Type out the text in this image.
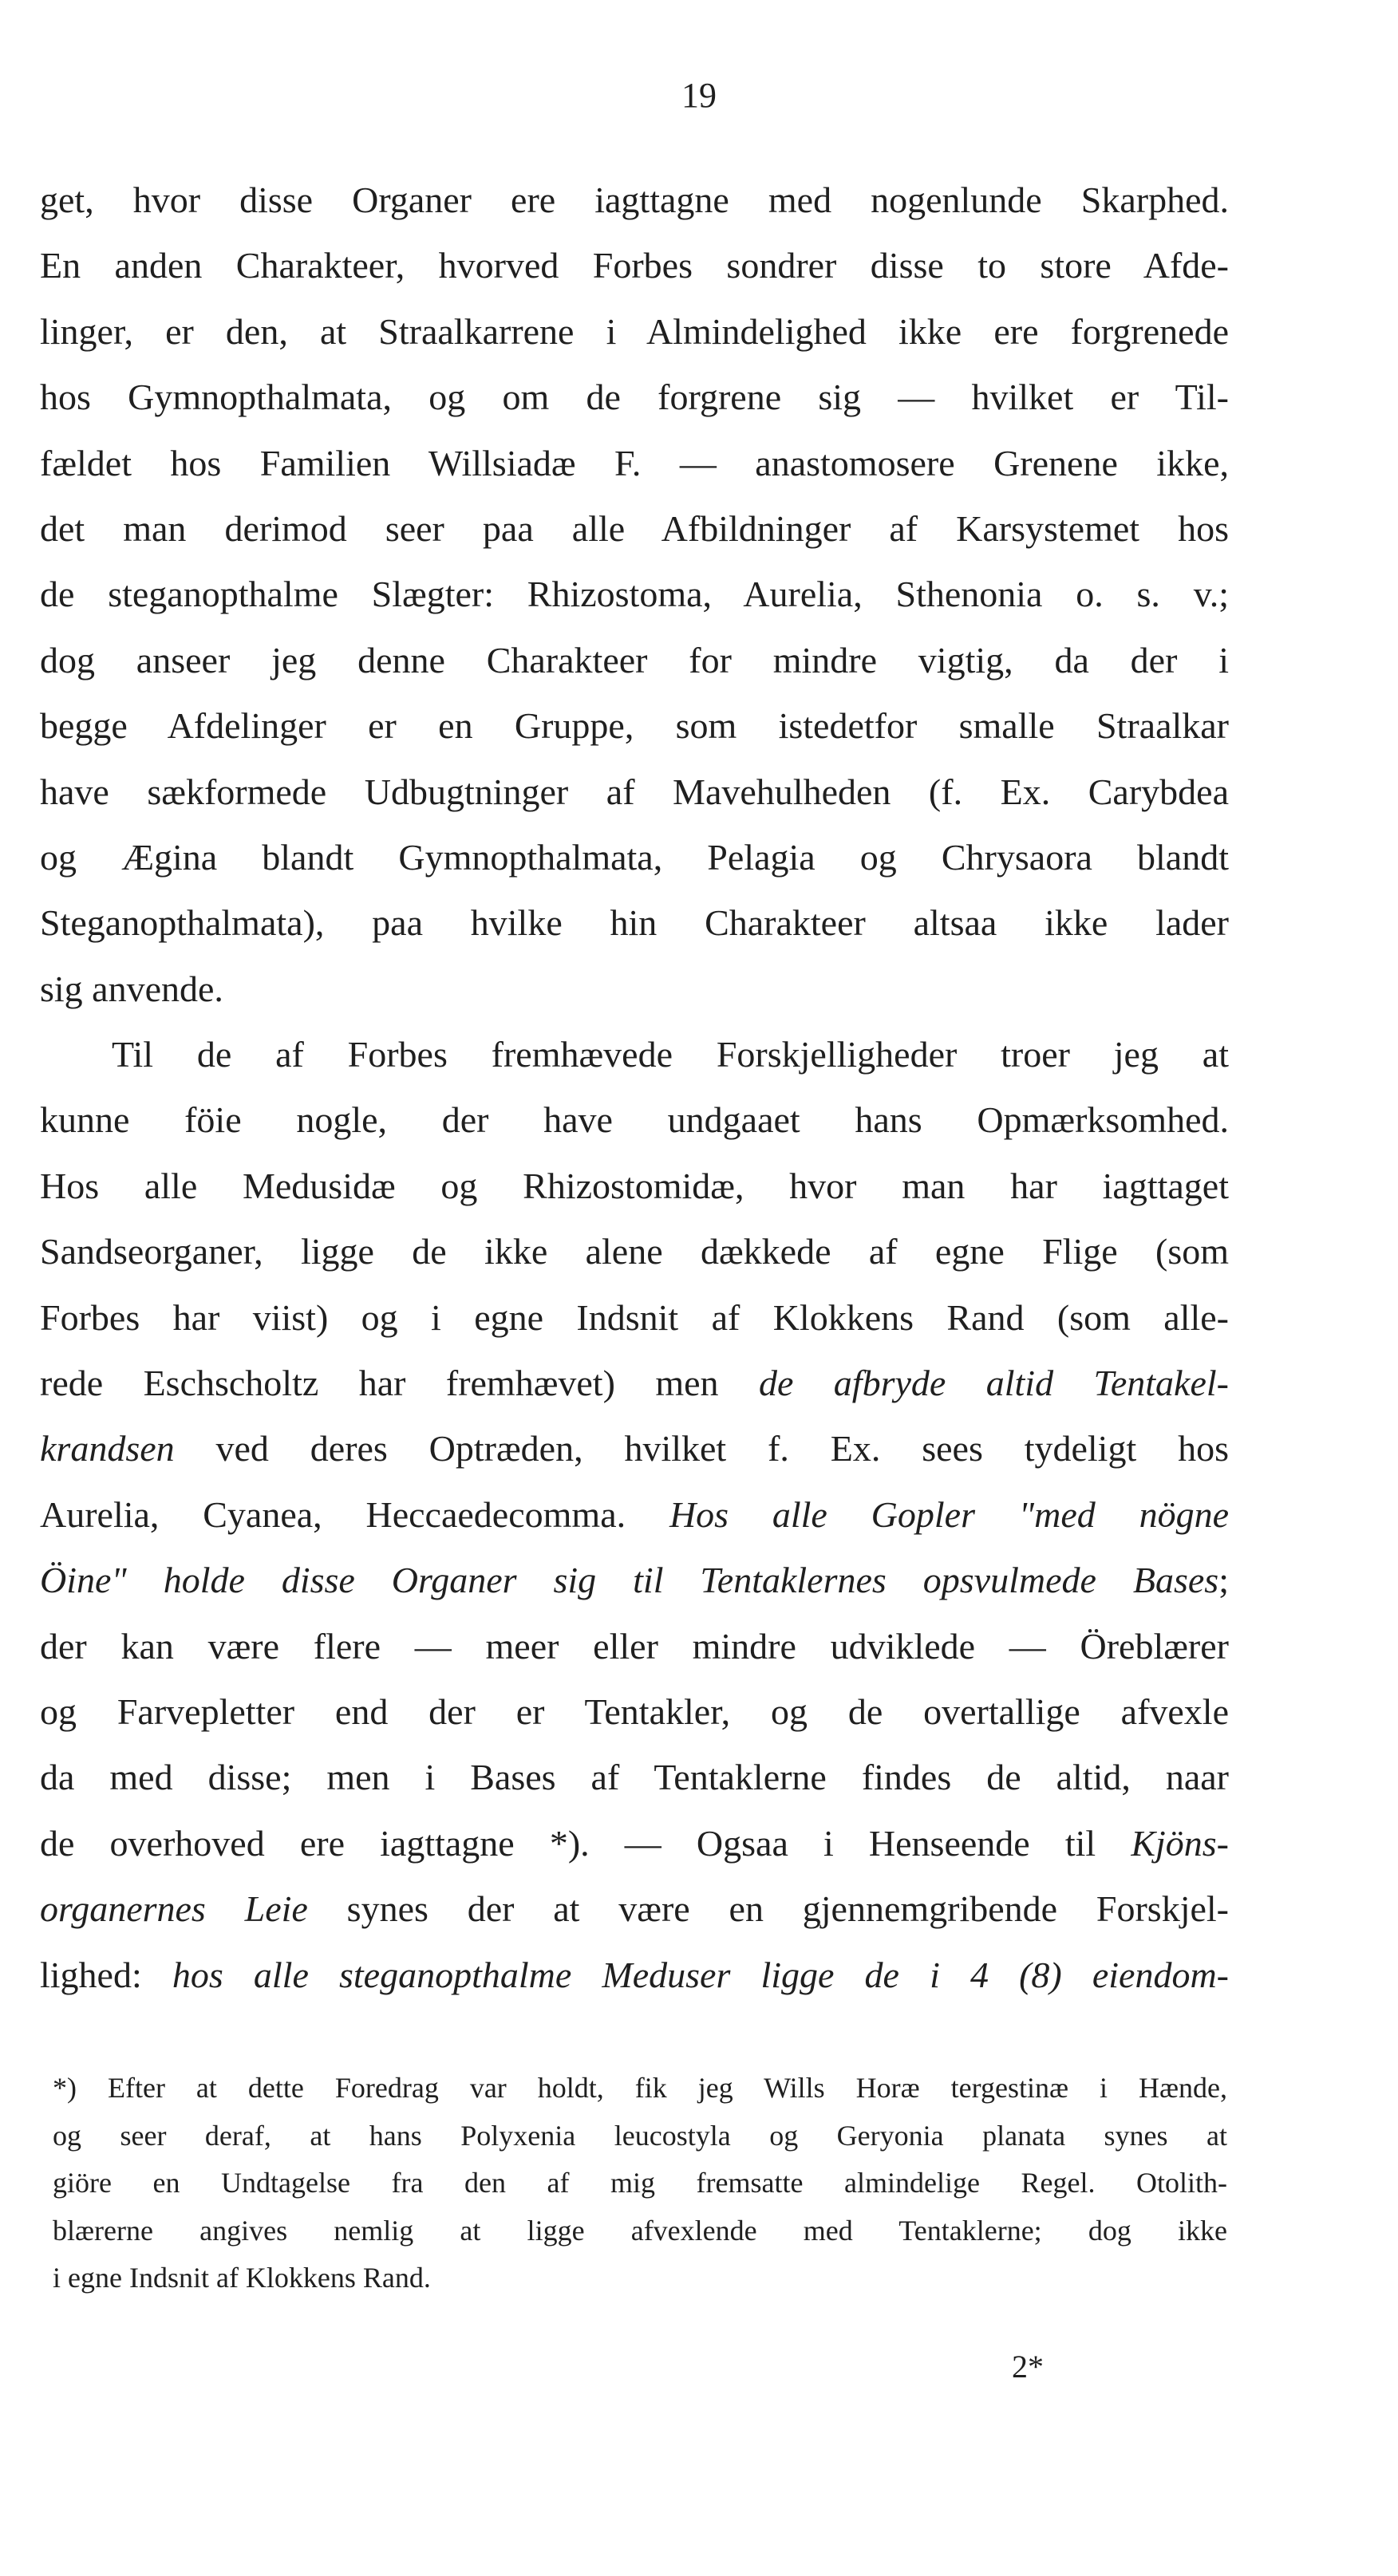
19
get, hvor disse Organer ere iagttagne med nogenlunde Skarphed.
En anden Charakteer, hvorved Forbes sondrer disse to store Afde-
linger, er den, at Straalkarrene i Almindelighed ikke ere forgrenede
hos Gymnopthalmata, og om de forgrene sig — hvilket er Til-
fældet hos Familien Willsiadæ F. — anastomosere Grenene ikke,
det man derimod seer paa alle Afbildninger af Karsystemet hos
de steganopthalme Slægter: Rhizostoma, Aurelia, Sthenonia o. s. v.;
dog anseer jeg denne Charakteer for mindre vigtig, da der i
begge Afdelinger er en Gruppe, som istedetfor smalle Straalkar
have sækformede Udbugtninger af Mavehulheden (f. Ex. Carybdea
og Ægina blandt Gymnopthalmata, Pelagia og Chrysaora blandt
Steganopthalmata), paa hvilke hin Charakteer altsaa ikke lader
sig anvende.
Til de af Forbes fremhævede Forskjelligheder troer jeg at
kunne föie nogle, der have undgaaet hans Opmærksomhed.
Hos alle Medusidæ og Rhizostomidæ, hvor man har iagttaget
Sandseorganer, ligge de ikke alene dækkede af egne Flige (som
Forbes har viist) og i egne Indsnit af Klokkens Rand (som alle-
rede Eschscholtz har fremhævet) men de afbryde altid Tentakel-
krandsen ved deres Optræden, hvilket f. Ex. sees tydeligt hos
Aurelia, Cyanea, Heccaedecomma. Hos alle Gopler "med nögne
Öine" holde disse Organer sig til Tentaklernes opsvulmede Bases;
der kan være flere — meer eller mindre udviklede — Öreblærer
og Farvepletter end der er Tentakler, og de overtallige afvexle
da med disse; men i Bases af Tentaklerne findes de altid, naar
de overhoved ere iagttagne *). — Ogsaa i Henseende til Kjöns-
organernes Leie synes der at være en gjennemgribende Forskjel-
lighed: hos alle steganopthalme Meduser ligge de i 4 (8) eiendom-
*) Efter at dette Foredrag var holdt, fik jeg Wills Horæ tergestinæ i Hænde,
og seer deraf, at hans Polyxenia leucostyla og Geryonia planata synes at
giöre en Undtagelse fra den af mig fremsatte almindelige Regel. Otolith-
blærerne angives nemlig at ligge afvexlende med Tentaklerne; dog ikke
i egne Indsnit af Klokkens Rand.
2*
